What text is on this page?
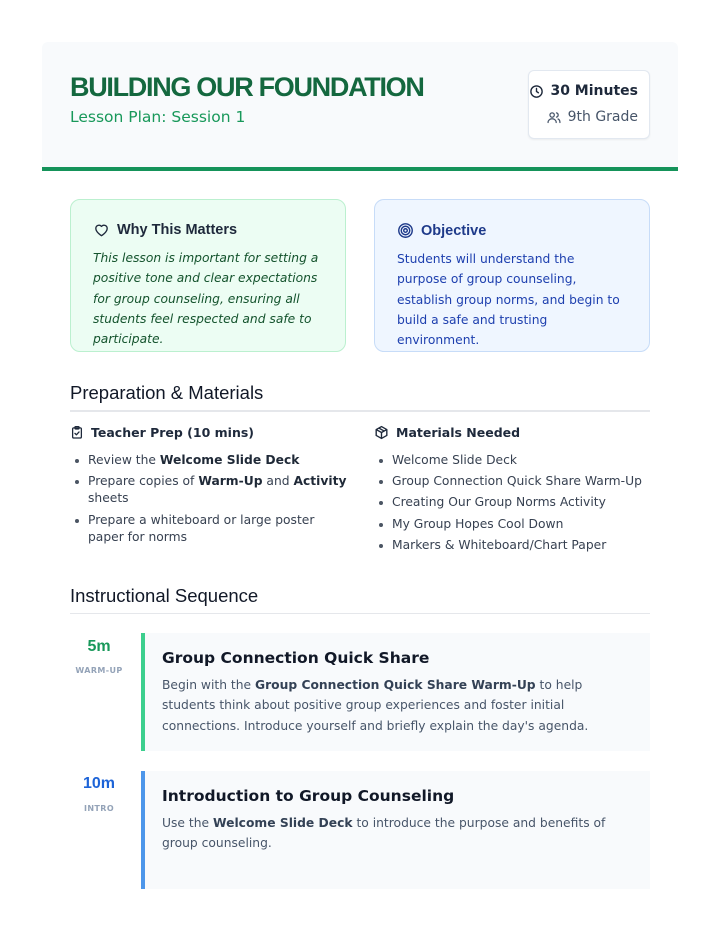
BUILDING OUR FOUNDATION
Lesson Plan: Session 1
30 Minutes
9th Grade
Why This Matters
This lesson is important for setting a positive tone and clear expectations for group counseling, ensuring all students feel respected and safe to participate.
Objective
Students will understand the purpose of group counseling, establish group norms, and begin to build a safe and trusting environment.
Preparation & Materials
Teacher Prep (10 mins)
Review the Welcome Slide Deck
Prepare copies of Warm-Up and Activity sheets
Prepare a whiteboard or large poster paper for norms
Materials Needed
Welcome Slide Deck
Group Connection Quick Share Warm-Up
Creating Our Group Norms Activity
My Group Hopes Cool Down
Markers & Whiteboard/Chart Paper
Instructional Sequence
5m
WARM-UP
Group Connection Quick Share
Begin with the Group Connection Quick Share Warm-Up to help students think about positive group experiences and foster initial connections. Introduce yourself and briefly explain the day's agenda.
10m
INTRO
Introduction to Group Counseling
Use the Welcome Slide Deck to introduce the purpose and benefits of group counseling.
